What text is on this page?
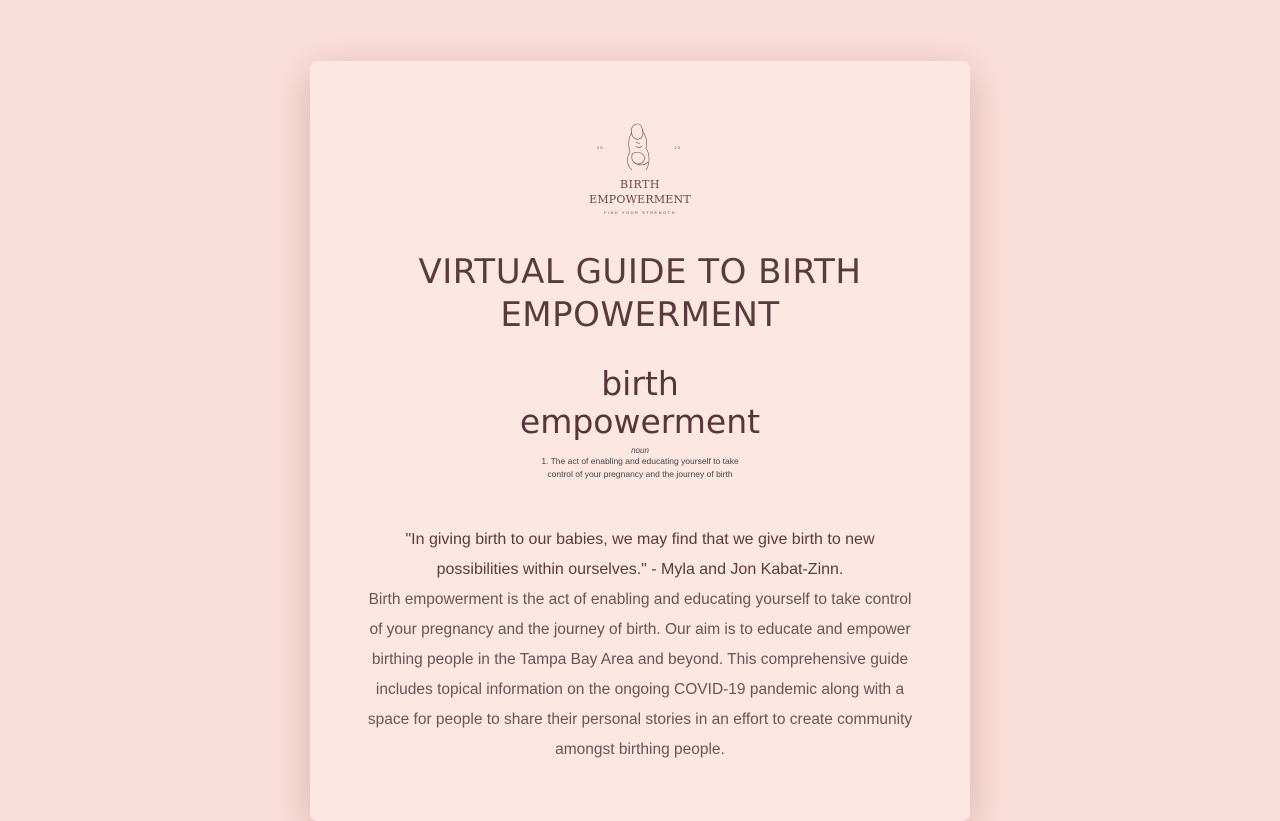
20	20
BIRTH
EMPOWERMENT
FIND YOUR STRENGTH
VIRTUAL GUIDE TO BIRTH EMPOWERMENT
birth
empowerment
noun
1. The act of enabling and educating yourself to take control of your pregnancy and the journey of birth
"In giving birth to our babies, we may find that we give birth to new possibilities within ourselves." - Myla and Jon Kabat-Zinn.
Birth empowerment is the act of enabling and educating yourself to take control of your pregnancy and the journey of birth. Our aim is to educate and empower birthing people in the Tampa Bay Area and beyond. This comprehensive guide includes topical information on the ongoing COVID-19 pandemic along with a space for people to share their personal stories in an effort to create community amongst birthing people.
